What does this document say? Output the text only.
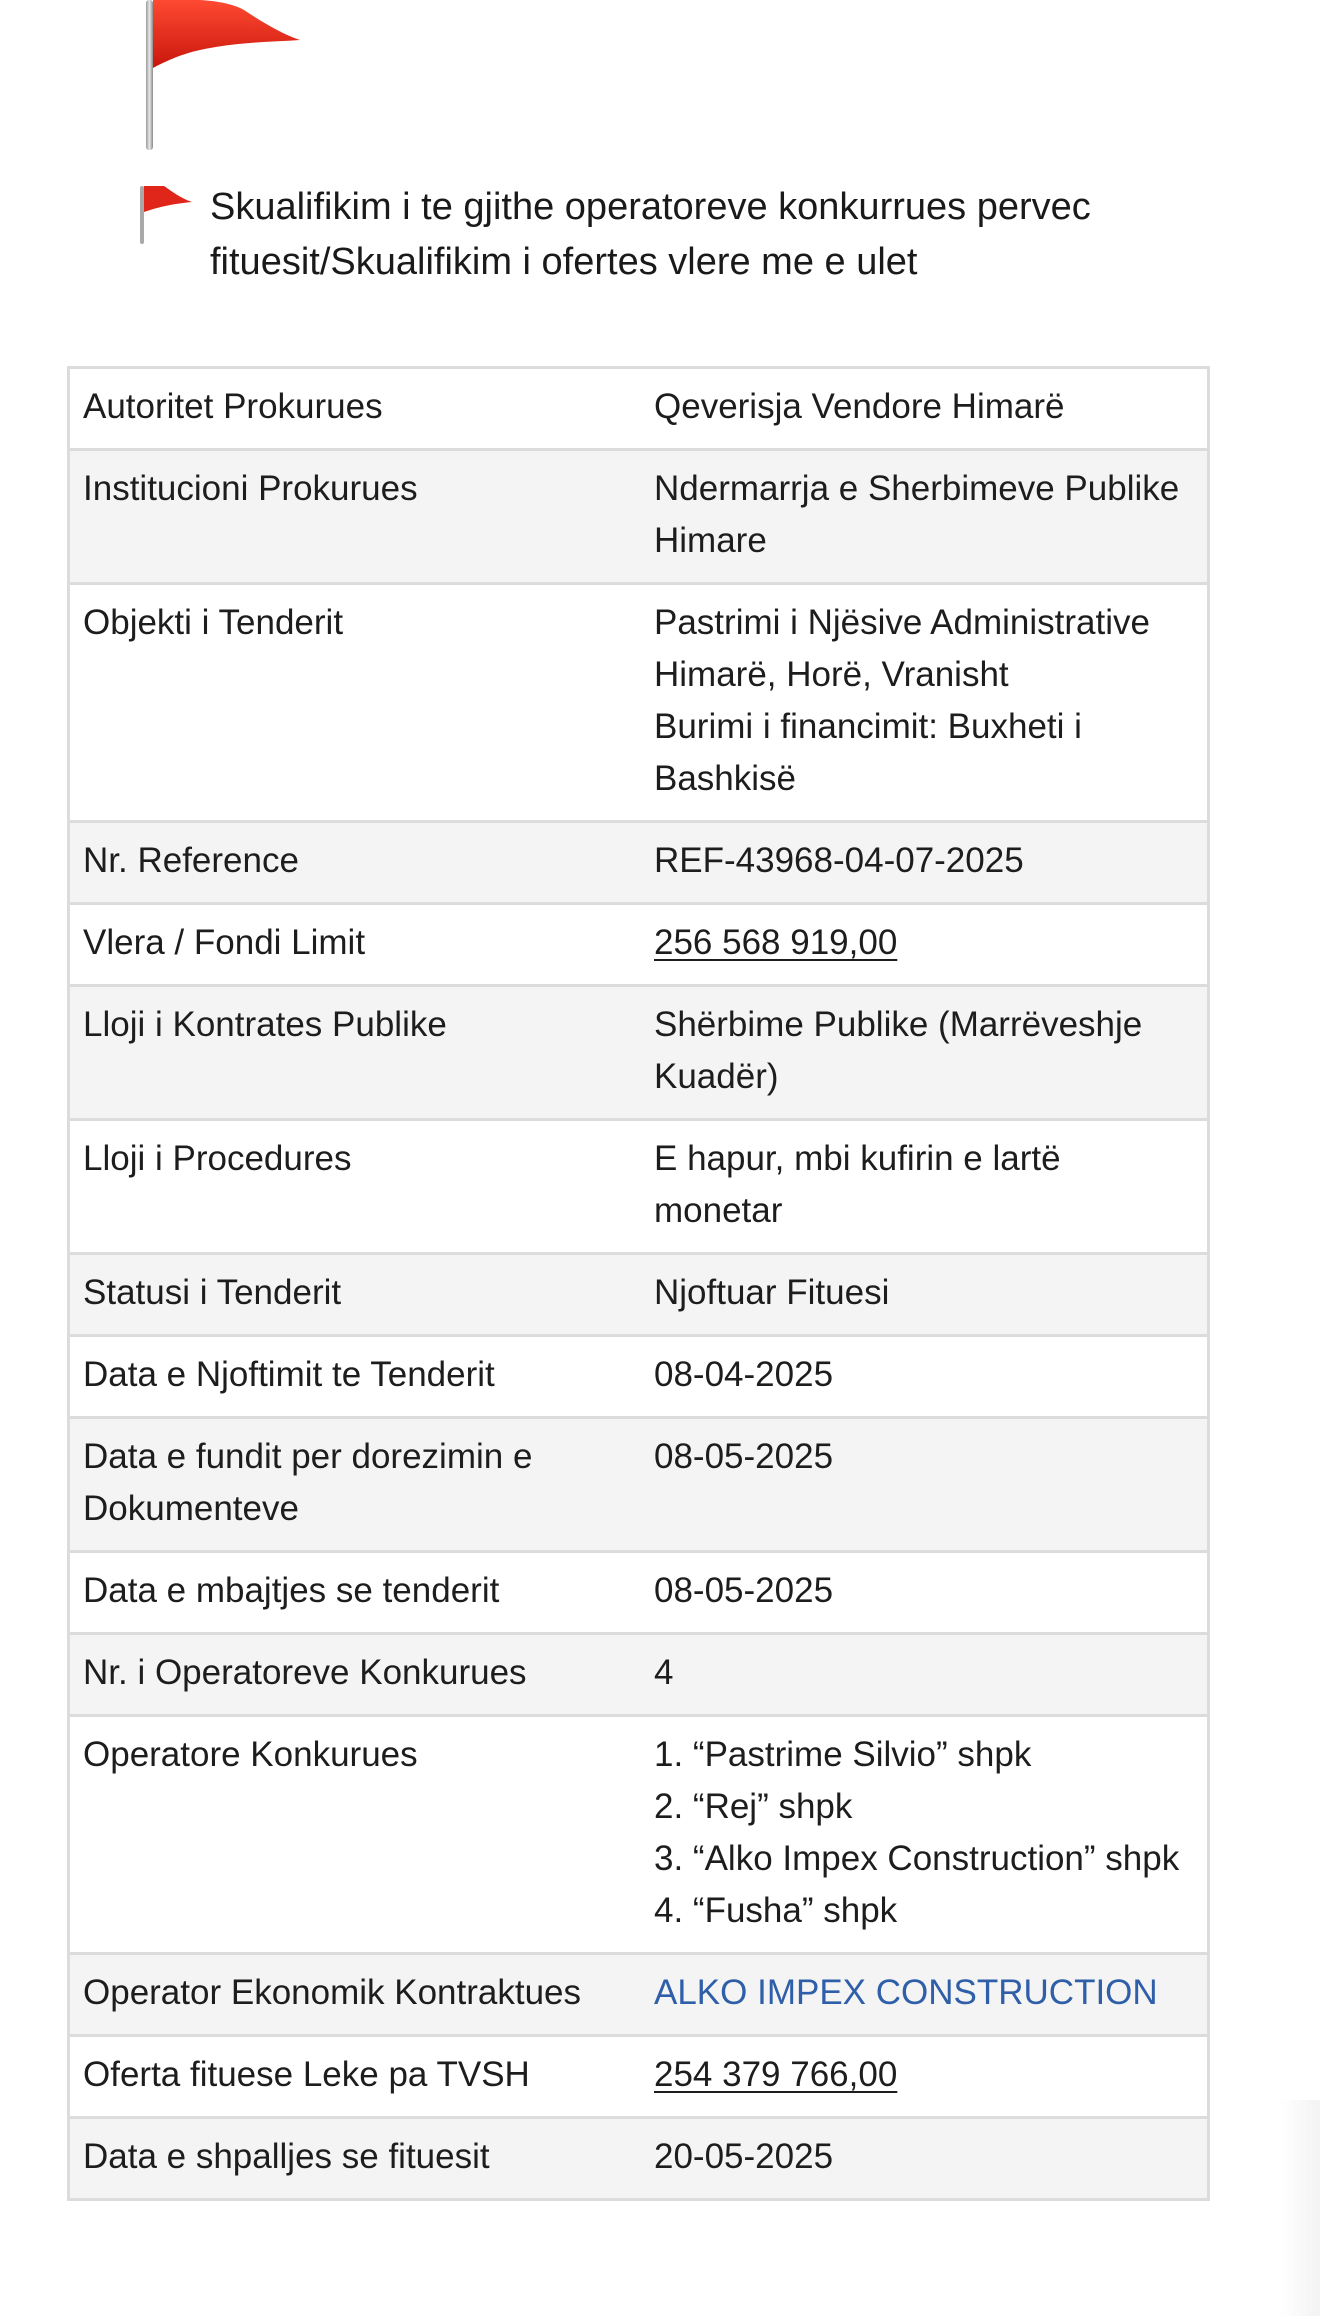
Skualifikim i te gjithe operatoreve konkurrues pervec fituesit/Skualifikim i ofertes vlere me e ulet
Autoritet Prokurues	Qeverisja Vendore Himarë
Institucioni Prokurues	Ndermarrja e Sherbimeve Publike Himare
Objekti i Tenderit	Pastrimi i Njësive Administrative Himarë, Horë, Vranisht
Burimi i financimit: Buxheti i Bashkisë

Nr. Reference	REF-43968-04-07-2025
Vlera / Fondi Limit	256 568 919,00
Lloji i Kontrates Publike	Shërbime Publike (Marrëveshje Kuadër)
Lloji i Procedures	E hapur, mbi kufirin e lartë monetar
Statusi i Tenderit	Njoftuar Fituesi
Data e Njoftimit te Tenderit	08-04-2025
Data e fundit per dorezimin e Dokumenteve	08-05-2025
Data e mbajtjes se tenderit	08-05-2025
Nr. i Operatoreve Konkurues	4
Operatore Konkurues	1. “Pastrime Silvio” shpk
2. “Rej” shpk
3. “Alko Impex Construction” shpk
4. “Fusha” shpk

Operator Ekonomik Kontraktues	ALKO IMPEX CONSTRUCTION
Oferta fituese Leke pa TVSH	254 379 766,00
Data e shpalljes se fituesit	20-05-2025
